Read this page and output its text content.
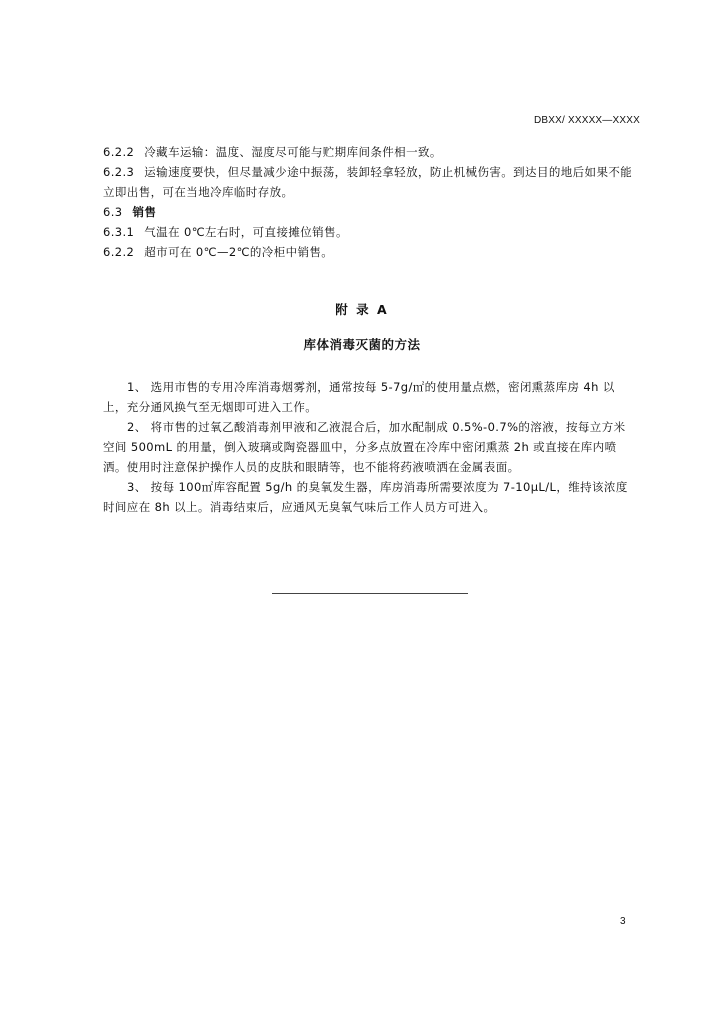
DBXX/ XXXXX—XXXX

6.2.2 冷藏车运输：温度、湿度尽可能与贮期库间条件相一致。

6.2.3 运输速度要快，但尽量减少途中振荡，装卸轻拿轻放，防止机械伤害。到达目的地后如果不能立即出售，可在当地冷库临时存放。

6.3 销售

6.3.1 气温在 0℃左右时，可直接摊位销售。

6.2.2 超市可在 0℃—2℃的冷柜中销售。

附 录 A
库体消毒灭菌的方法

1、 选用市售的专用冷库消毒烟雾剂，通常按每 5-7g/㎡的使用量点燃，密闭熏蒸库房 4h 以上，充分通风换气至无烟即可进入工作。

2、 将市售的过氧乙酸消毒剂甲液和乙液混合后，加水配制成 0.5%-0.7%的溶液，按每立方米空间 500mL 的用量，倒入玻璃或陶瓷器皿中，分多点放置在冷库中密闭熏蒸 2h 或直接在库内喷洒。使用时注意保护操作人员的皮肤和眼睛等，也不能将药液喷洒在金属表面。

3、 按每 100㎡库容配置 5g/h 的臭氧发生器，库房消毒所需要浓度为 7-10μL/L，维持该浓度时间应在 8h 以上。消毒结束后，应通风无臭氧气味后工作人员方可进入。

3
